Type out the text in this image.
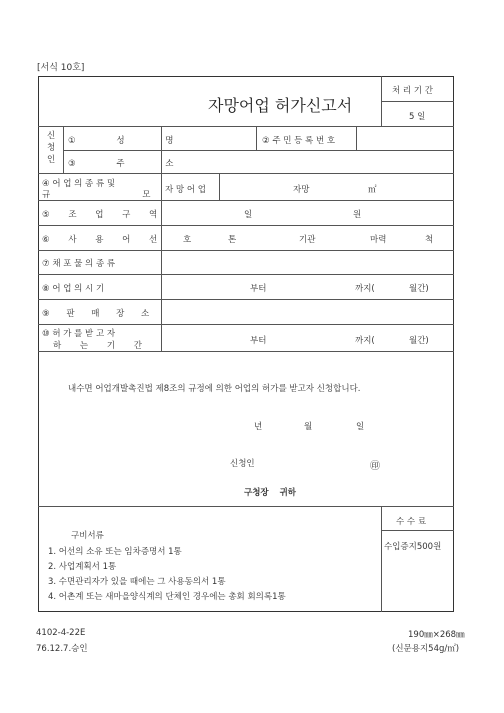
[서식 10호]
자망어업 허가신고서
처 리 기 간
5 일
신
청
인
① 성 명	② 주 민 등 록 번 호
③ 주 소
④ 어 업 의 종 류 및
규	모 자 망 어 업	자망	㎡
⑤ 조 업 구 역	일	원
⑥ 사 용 어 선	호	톤	기관	마력	척
⑦ 채 포 물 의 종 류
⑧ 어 업 의 시 기	부터	까지(	월간)
⑨ 판 매 장 소
⑩ 허 가 를 받 고 자
하 는 기 간	부터	까지(	월간)
내수면 어업개발촉진법 제8조의 규정에 의한 어업의 허가를 받고자 신청합니다.
년	월	일
신청인	㊞
구청장 귀하
구비서류
1. 어선의 소유 또는 임차증명서 1통
2. 사업계획서 1통
3. 수면관리자가 있을 때에는 그 사용동의서 1통
4. 어촌계 또는 새마을양식계의 단체인 경우에는 총회 회의록1통
수 수 료
수입증지500원
4102-4-22E
76.12.7.승인
190㎜×268㎜
(신문용지54g/㎡)
